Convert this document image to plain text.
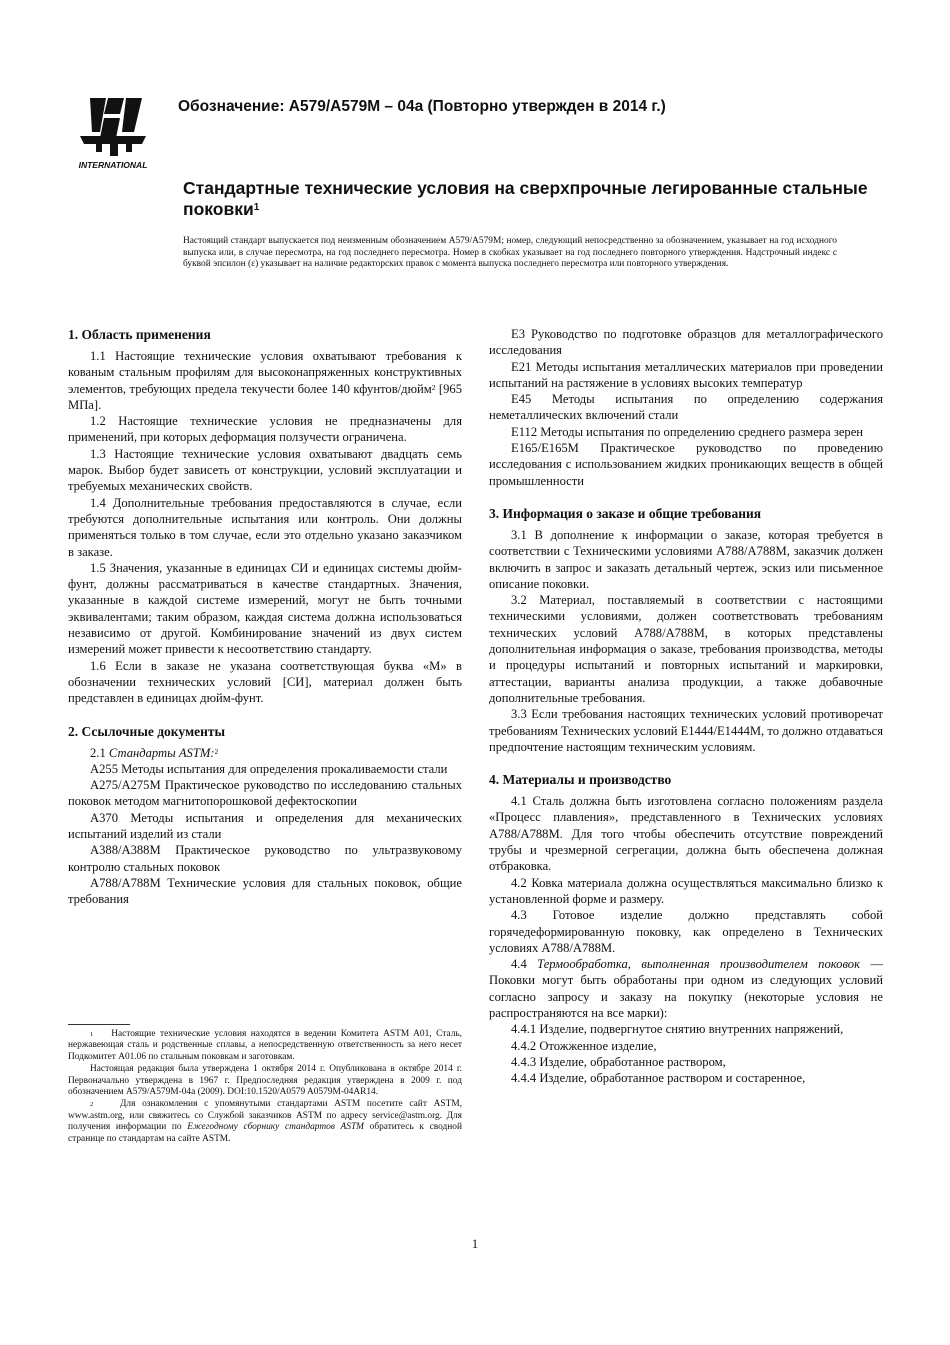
INTERNATIONAL
Обозначение: A579/A579M – 04a (Повторно утвержден в 2014 г.)
Стандартные технические условия на сверхпрочные легированные стальные поковки$^1$
Настоящий стандарт выпускается под неизменным обозначением A579/A579M; номер, следующий непосредственно за обозначением, указывает на год исходного выпуска или, в случае пересмотра, на год последнего пересмотра. Номер в скобках указывает на год последнего повторного утверждения. Надстрочный индекс с буквой эпсилон (ε) указывает на наличие редакторских правок с момента выпуска последнего пересмотра или повторного утверждения.
1. Область применения

1.1 Настоящие технические условия охватывают требования к кованым стальным профилям для высоконапряженных конструктивных элементов, требующих предела текучести более 140 кфунтов/дюйм$^2$ [965 МПа].

1.2 Настоящие технические условия не предназначены для применений, при которых деформация ползучести ограничена.

1.3 Настоящие технические условия охватывают двадцать семь марок. Выбор будет зависеть от конструкции, условий эксплуатации и требуемых механических свойств.

1.4 Дополнительные требования предоставляются в случае, если требуются дополнительные испытания или контроль. Они должны применяться только в том случае, если это отдельно указано заказчиком в заказе.

1.5 Значения, указанные в единицах СИ и единицах системы дюйм-фунт, должны рассматриваться в качестве стандартных. Значения, указанные в каждой системе измерений, могут не быть точными эквивалентами; таким образом, каждая система должна использоваться независимо от другой. Комбинирование значений из двух систем измерений может привести к несоответствию стандарту.

1.6 Если в заказе не указана соответствующая буква «М» в обозначении технических условий [СИ], материал должен быть представлен в единицах дюйм-фунт.

2. Ссылочные документы

2.1 Стандарты ASTM:$^2$

A255 Методы испытания для определения прокаливаемости стали

A275/A275M Практическое руководство по исследованию стальных поковок методом магнитопорошковой дефектоскопии

A370 Методы испытания и определения для механических испытаний изделий из стали

A388/A388M Практическое руководство по ультразвуковому контролю стальных поковок

A788/A788M Технические условия для стальных поковок, общие требования

$^1$ Настоящие технические условия находятся в ведении Комитета ASTM A01, Сталь, нержавеющая сталь и родственные сплавы, а непосредственную ответственность за него несет Подкомитет A01.06 по стальным поковкам и заготовкам.

Настоящая редакция была утверждена 1 октября 2014 г. Опубликована в октябре 2014 г. Первоначально утверждена в 1967 г. Предпоследняя редакция утверждена в 2009 г. под обозначением A579/A579M-04a (2009). DOI:10.1520/A0579 A0579M-04AR14.

$^2$	Для ознакомления с упомянутыми стандартами ASTM посетите сайт ASTM, www.astm.org, или свяжитесь со Службой заказчиков ASTM по адресу service@astm.org. Для получения информации по Ежегодному сборнику стандартов ASTM обратитесь к сводной странице по стандартам на сайте ASTM.

E3 Руководство по подготовке образцов для металлографического исследования

E21 Методы испытания металлических материалов при проведении испытаний на растяжение в условиях высоких температур

E45 Методы испытания по определению содержания неметаллических включений стали

E112 Методы испытания по определению среднего размера зерен

E165/E165M Практическое руководство по проведению исследования с использованием жидких проникающих веществ в общей промышленности

3. Информация о заказе и общие требования

3.1 В дополнение к информации о заказе, которая требуется в соответствии с Техническими условиями A788/A788M, заказчик должен включить в запрос и заказать детальный чертеж, эскиз или письменное описание поковки.

3.2 Материал, поставляемый в соответствии с настоящими техническими условиями, должен соответствовать требованиям технических условий A788/A788M, в которых представлены дополнительная информация о заказе, требования производства, методы и процедуры испытаний и повторных испытаний и маркировки, аттестации, варианты анализа продукции, а также добавочные дополнительные требования.

3.3 Если требования настоящих технических условий противоречат требованиям Технических условий E1444/E1444M, то должно отдаваться предпочтение настоящим техническим условиям.

4. Материалы и производство

4.1 Сталь должна быть изготовлена согласно положениям раздела «Процесс плавления», представленного в Технических условиях A788/A788M. Для того чтобы обеспечить отсутствие повреждений трубы и чрезмерной сегрегации, должна быть обеспечена должная отбраковка.

4.2 Ковка материала должна осуществляться максимально близко к установленной форме и размеру.

4.3 Готовое изделие должно представлять собой горячедеформированную поковку, как определено в Технических условиях A788/A788M.

4.4 Термообработка, выполненная производителем поковок — Поковки могут быть обработаны при одном из следующих условий согласно запросу и заказу на покупку (некоторые условия не распространяются на все марки):

4.4.1 Изделие, подвергнутое снятию внутренних напряжений,

4.4.2 Отожженное изделие,

4.4.3 Изделие, обработанное раствором,

4.4.4 Изделие, обработанное раствором и состаренное,

1
